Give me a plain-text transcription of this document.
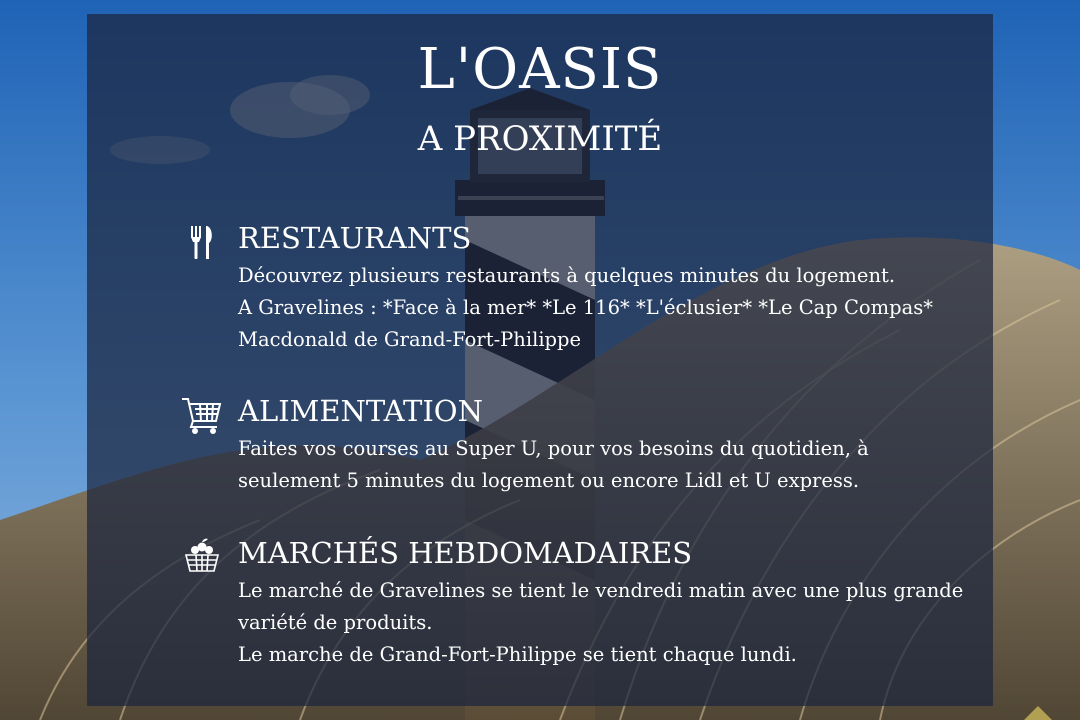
L'OASIS
A PROXIMITÉ
RESTAURANTS

Découvrez plusieurs restaurants à quelques minutes du logement.

A Gravelines : *Face à la mer* *Le 116* *L'éclusier* *Le Cap Compas*

Macdonald de Grand-Fort-Philippe

ALIMENTATION

Faites vos courses au Super U, pour vos besoins du quotidien, à

seulement 5 minutes du logement ou encore Lidl et U express.

MARCHÉS HEBDOMADAIRES

Le marché de Gravelines se tient le vendredi matin avec une plus grande

variété de produits.

Le marche de Grand-Fort-Philippe se tient chaque lundi.
